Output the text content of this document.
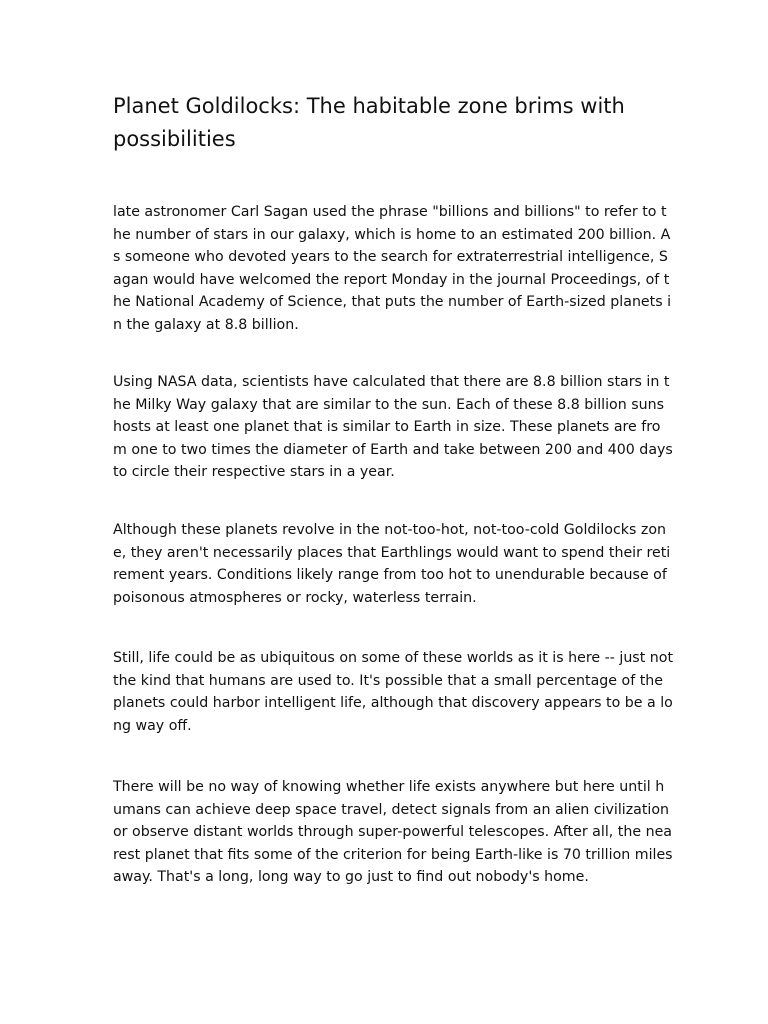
Planet Goldilocks: The habitable zone brims with possibilities

late astronomer Carl Sagan used the phrase "billions and billions" to refer to the number of stars in our galaxy, which is home to an estimated 200 billion. As someone who devoted years to the search for extraterrestrial intelligence, Sagan would have welcomed the report Monday in the journal Proceedings, of the National Academy of Science, that puts the number of Earth-sized planets in the galaxy at 8.8 billion.

Using NASA data, scientists have calculated that there are 8.8 billion stars in the Milky Way galaxy that are similar to the sun. Each of these 8.8 billion suns hosts at least one planet that is similar to Earth in size. These planets are from one to two times the diameter of Earth and take between 200 and 400 days to circle their respective stars in a year.

Although these planets revolve in the not-too-hot, not-too-cold Goldilocks zone, they aren't necessarily places that Earthlings would want to spend their retirement years. Conditions likely range from too hot to unendurable because of poisonous atmospheres or rocky, waterless terrain.

Still, life could be as ubiquitous on some of these worlds as it is here -- just not the kind that humans are used to. It's possible that a small percentage of the planets could harbor intelligent life, although that discovery appears to be a long way off.

There will be no way of knowing whether life exists anywhere but here until humans can achieve deep space travel, detect signals from an alien civilization or observe distant worlds through super-powerful telescopes. After all, the nearest planet that fits some of the criterion for being Earth-like is 70 trillion miles away. That's a long, long way to go just to find out nobody's home.
